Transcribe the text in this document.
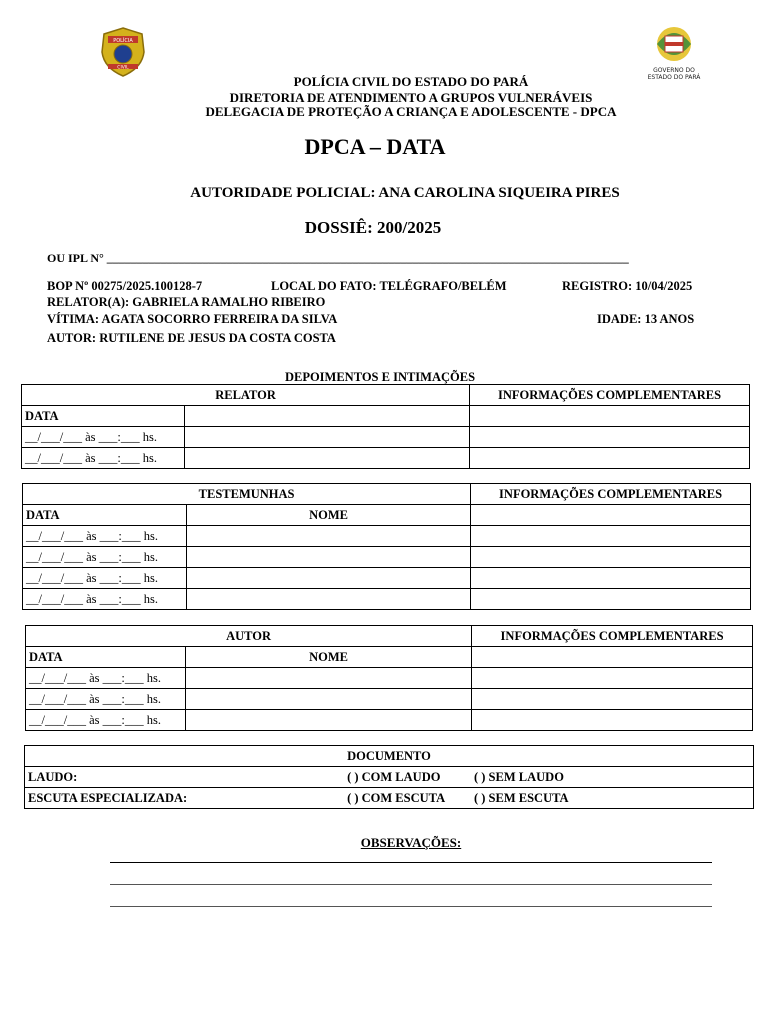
POLÍCIA
CIVIL	GOVERNO DO
ESTADO DO PARÁ
POLÍCIA CIVIL DO ESTADO DO PARÁ
DIRETORIA DE ATENDIMENTO A GRUPOS VULNERÁVEIS
DELEGACIA DE PROTEÇÃO A CRIANÇA E ADOLESCENTE - DPCA
DPCA – DATA
AUTORIDADE POLICIAL: ANA CAROLINA SIQUEIRA PIRES
DOSSIÊ: 200/2025
OU IPL N° _______________________________________________________________________________________
BOP Nº 00275/2025.100128-7	LOCAL DO FATO: TELÉGRAFO/BELÉM	REGISTRO: 10/04/2025
RELATOR(A): GABRIELA RAMALHO RIBEIRO
VÍTIMA: AGATA SOCORRO FERREIRA DA SILVA	IDADE: 13 ANOS
AUTOR: RUTILENE DE JESUS DA COSTA COSTA
DEPOIMENTOS E INTIMAÇÕES
RELATOR		INFORMAÇÕES COMPLEMENTARES
DATA		
__/___/___ às ___:___ hs.		
__/___/___ às ___:___ hs.		
TESTEMUNHAS		INFORMAÇÕES COMPLEMENTARES
DATA	NOME	
__/___/___ às ___:___ hs.		
__/___/___ às ___:___ hs.		
__/___/___ às ___:___ hs.		
__/___/___ às ___:___ hs.		
AUTOR		INFORMAÇÕES COMPLEMENTARES
DATA	NOME	
__/___/___ às ___:___ hs.		
__/___/___ às ___:___ hs.		
__/___/___ às ___:___ hs.		
DOCUMENTO		
LAUDO:	( ) COM LAUDO	( ) SEM LAUDO
ESCUTA ESPECIALIZADA:	( ) COM ESCUTA	( ) SEM ESCUTA
OBSERVAÇÕES:
